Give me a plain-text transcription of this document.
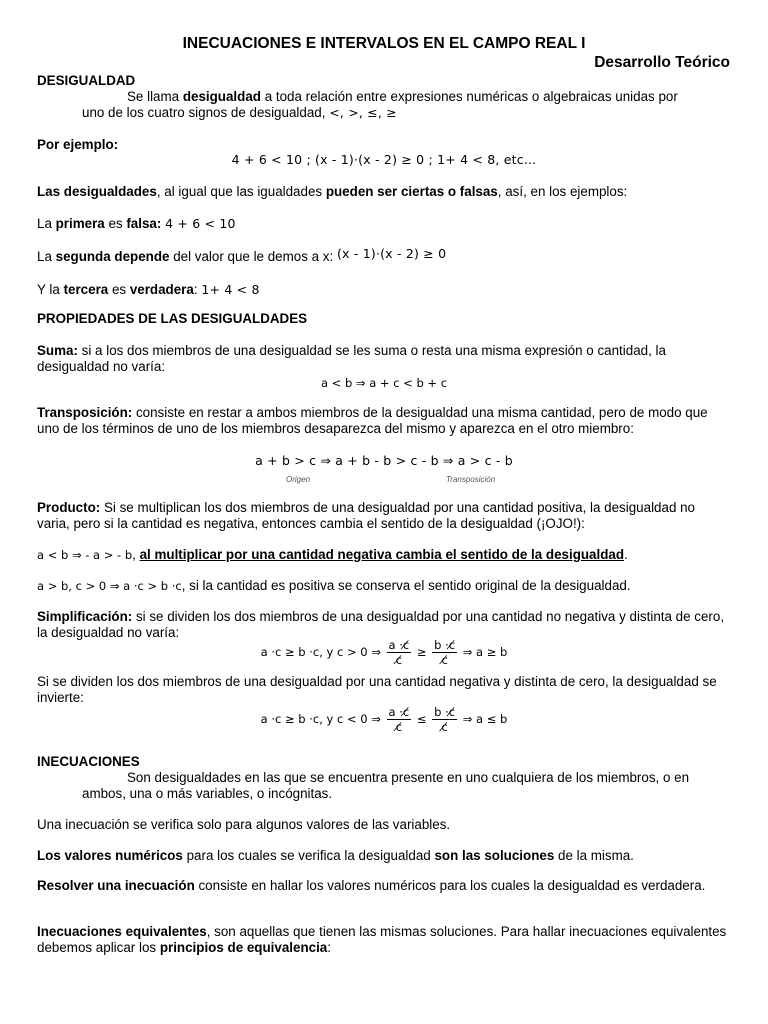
INECUACIONES E INTERVALOS EN EL CAMPO REAL I
Desarrollo Teórico
DESIGUALDAD
Se llama desigualdad a toda relación entre expresiones numéricas o algebraicas unidas por
uno de los cuatro signos de desigualdad, <, >, ≤, ≥
Por ejemplo:
4 + 6 < 10 ; (x - 1)·(x - 2) ≥ 0 ; 1+ 4 < 8, etc...
Las desigualdades, al igual que las igualdades pueden ser ciertas o falsas, así, en los ejemplos:
La primera es falsa: 4 + 6 < 10
La segunda depende del valor que le demos a x: (x - 1)·(x - 2) ≥ 0
Y la tercera es verdadera: 1+ 4 < 8
PROPIEDADES DE LAS DESIGUALDADES
Suma: si a los dos miembros de una desigualdad se les suma o resta una misma expresión o cantidad, la desigualdad no varía:
a < b ⇒ a + c < b + c
Transposición: consiste en restar a ambos miembros de la desigualdad una misma cantidad, pero de modo que uno de los términos de uno de los miembros desaparezca del mismo y aparezca en el otro miembro:
a + b > c ⇒ a + b - b > c - b ⇒ a > c - b
Origen	Transposición
Producto: Si se multiplican los dos miembros de una desigualdad por una cantidad positiva, la desigualdad no varia, pero si la cantidad es negativa, entonces cambia el sentido de la desigualdad (¡OJO!):
a < b ⇒ - a > - b, al multiplicar por una cantidad negativa cambia el sentido de la desigualdad.
a > b, c > 0 ⇒ a ·c > b ·c, si la cantidad es positiva se conserva el sentido original de la desigualdad.
Simplificación: si se dividen los dos miembros de una desigualdad por una cantidad no negativa y distinta de cero, la desigualdad no varía:
a ·c ≥ b ·c, y c > 0 ⇒ $\frac{a \cdot c̸}{c̸} \ge \frac{b \cdot c̸}{c̸}$ ⇒ a ≥ b
Si se dividen los dos miembros de una desigualdad por una cantidad negativa y distinta de cero, la desigualdad se invierte:
a ·c ≥ b ·c, y c < 0 ⇒ $\frac{a \cdot c̸}{c̸} \le \frac{b \cdot c̸}{c̸}$ ⇒ a ≤ b
INECUACIONES
Son desigualdades en las que se encuentra presente en uno cualquiera de los miembros, o en
ambos, una o más variables, o incógnitas.
Una inecuación se verifica solo para algunos valores de las variables.
Los valores numéricos para los cuales se verifica la desigualdad son las soluciones de la misma.
Resolver una inecuación consiste en hallar los valores numéricos para los cuales la desigualdad es verdadera.
Inecuaciones equivalentes, son aquellas que tienen las mismas soluciones. Para hallar inecuaciones equivalentes debemos aplicar los principios de equivalencia:
